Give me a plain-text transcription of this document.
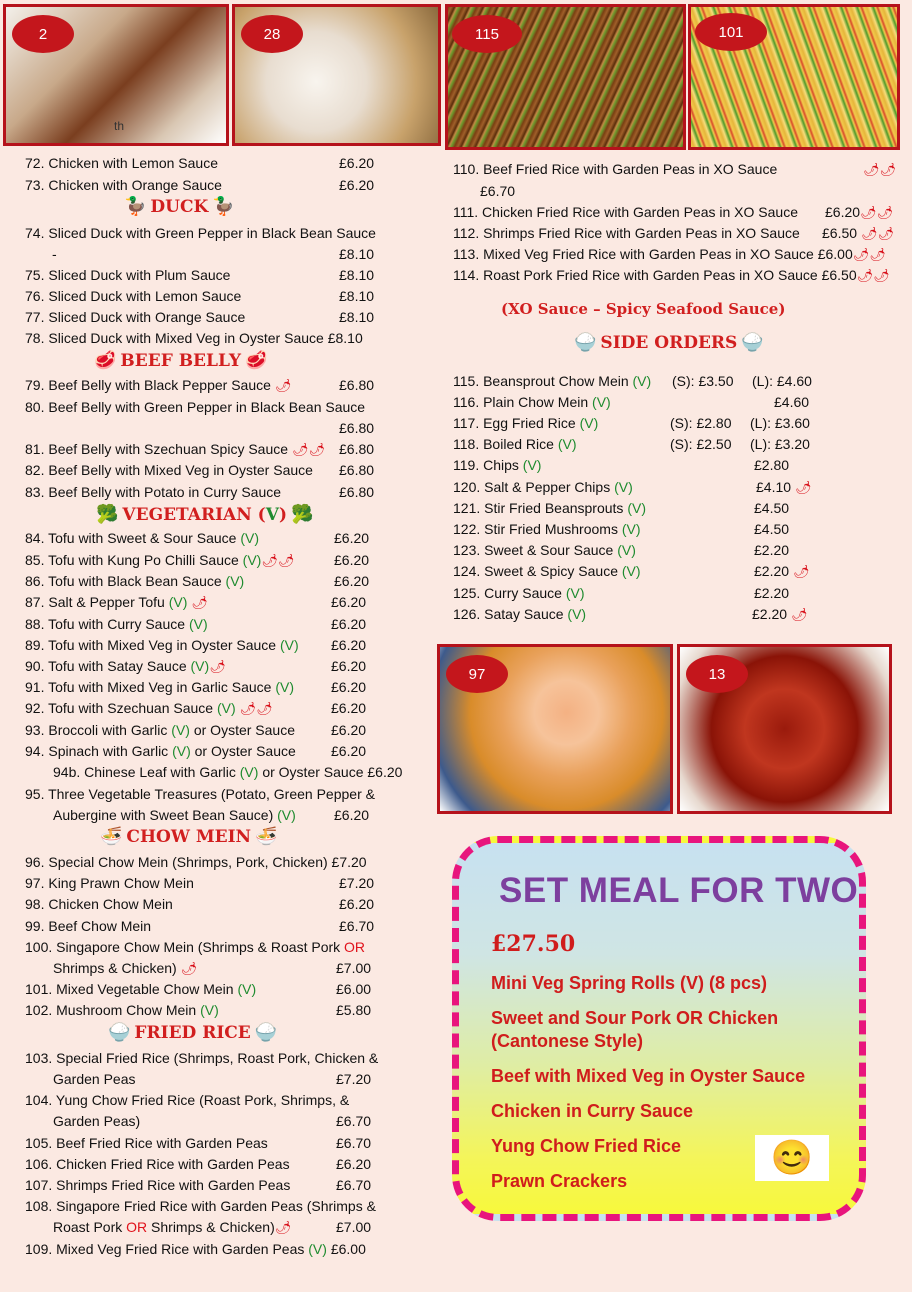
2
th
28	115	101
97	13
72. Chicken with Lemon Sauce	£6.20
73. Chicken with Orange Sauce	£6.20
🦆 DUCK 🦆
74. Sliced Duck with Green Pepper in Black Bean Sauce
-	£8.10
75. Sliced Duck with Plum Sauce	£8.10
76. Sliced Duck with Lemon Sauce	£8.10
77. Sliced Duck with Orange Sauce	£8.10
78. Sliced Duck with Mixed Veg in Oyster Sauce £8.10
🥩 BEEF BELLY 🥩
79. Beef Belly with Black Pepper Sauce 🌶	£6.80
80. Beef Belly with Green Pepper in Black Bean Sauce
£6.80
81. Beef Belly with Szechuan Spicy Sauce 🌶🌶 £6.80
82. Beef Belly with Mixed Veg in Oyster Sauce £6.80
83. Beef Belly with Potato in Curry Sauce	£6.80
🥦 VEGETARIAN (V) 🥦
84. Tofu with Sweet & Sour Sauce (V)	£6.20
85. Tofu with Kung Po Chilli Sauce (V)🌶🌶	£6.20
86. Tofu with Black Bean Sauce (V)	£6.20
87. Salt & Pepper Tofu (V) 🌶	£6.20
88. Tofu with Curry Sauce (V)	£6.20
89. Tofu with Mixed Veg in Oyster Sauce (V) £6.20
90. Tofu with Satay Sauce (V)🌶	£6.20
91. Tofu with Mixed Veg in Garlic Sauce (V)	£6.20
92. Tofu with Szechuan Sauce (V) 🌶🌶	£6.20
93. Broccoli with Garlic (V) or Oyster Sauce	£6.20
94. Spinach with Garlic (V) or Oyster Sauce	£6.20
94b. Chinese Leaf with Garlic (V) or Oyster Sauce £6.20
95. Three Vegetable Treasures (Potato, Green Pepper &
Aubergine with Sweet Bean Sauce) (V)	£6.20
🍜 CHOW MEIN 🍜
96. Special Chow Mein (Shrimps, Pork, Chicken) £7.20
97. King Prawn Chow Mein	£7.20
98. Chicken Chow Mein	£6.20
99. Beef Chow Mein	£6.70
100. Singapore Chow Mein (Shrimps & Roast Pork OR
Shrimps & Chicken) 🌶	£7.00
101. Mixed Vegetable Chow Mein (V)	£6.00
102. Mushroom Chow Mein (V)	£5.80
🍚 FRIED RICE 🍚
103. Special Fried Rice (Shrimps, Roast Pork, Chicken &
Garden Peas	£7.20
104. Yung Chow Fried Rice (Roast Pork, Shrimps, &
Garden Peas)	£6.70
105. Beef Fried Rice with Garden Peas	£6.70
106. Chicken Fried Rice with Garden Peas	£6.20
107. Shrimps Fried Rice with Garden Peas	£6.70
108. Singapore Fried Rice with Garden Peas (Shrimps &
Roast Pork OR Shrimps & Chicken)🌶	£7.00
109. Mixed Veg Fried Rice with Garden Peas (V) £6.00
110. Beef Fried Rice with Garden Peas in XO Sauce	🌶🌶
£6.70
111. Chicken Fried Rice with Garden Peas in XO Sauce £6.20🌶🌶
112. Shrimps Fried Rice with Garden Peas in XO Sauce £6.50 🌶🌶
113. Mixed Veg Fried Rice with Garden Peas in XO Sauce £6.00🌶🌶
114. Roast Pork Fried Rice with Garden Peas in XO Sauce £6.50🌶🌶
(XO Sauce – Spicy Seafood Sauce)
🍚 SIDE ORDERS 🍚
115. Beansprout Chow Mein (V) (S): £3.50 (L): £4.60
116. Plain Chow Mein (V)	£4.60
117. Egg Fried Rice (V)	(S): £2.80 (L): £3.60
118. Boiled Rice (V)	(S): £2.50 (L): £3.20
119. Chips (V)	£2.80
120. Salt & Pepper Chips (V)	£4.10 🌶
121. Stir Fried Beansprouts (V)	£4.50
122. Stir Fried Mushrooms (V)	£4.50
123. Sweet & Sour Sauce (V)	£2.20
124. Sweet & Spicy Sauce (V)	£2.20 🌶
125. Curry Sauce (V)	£2.20
126. Satay Sauce (V)	£2.20 🌶
SET MEAL FOR TWO
£27.50
Mini Veg Spring Rolls (V) (8 pcs)
Sweet and Sour Pork OR Chicken
(Cantonese Style)
Beef with Mixed Veg in Oyster Sauce
Chicken in Curry Sauce
Yung Chow Fried Rice
Prawn Crackers
😊
